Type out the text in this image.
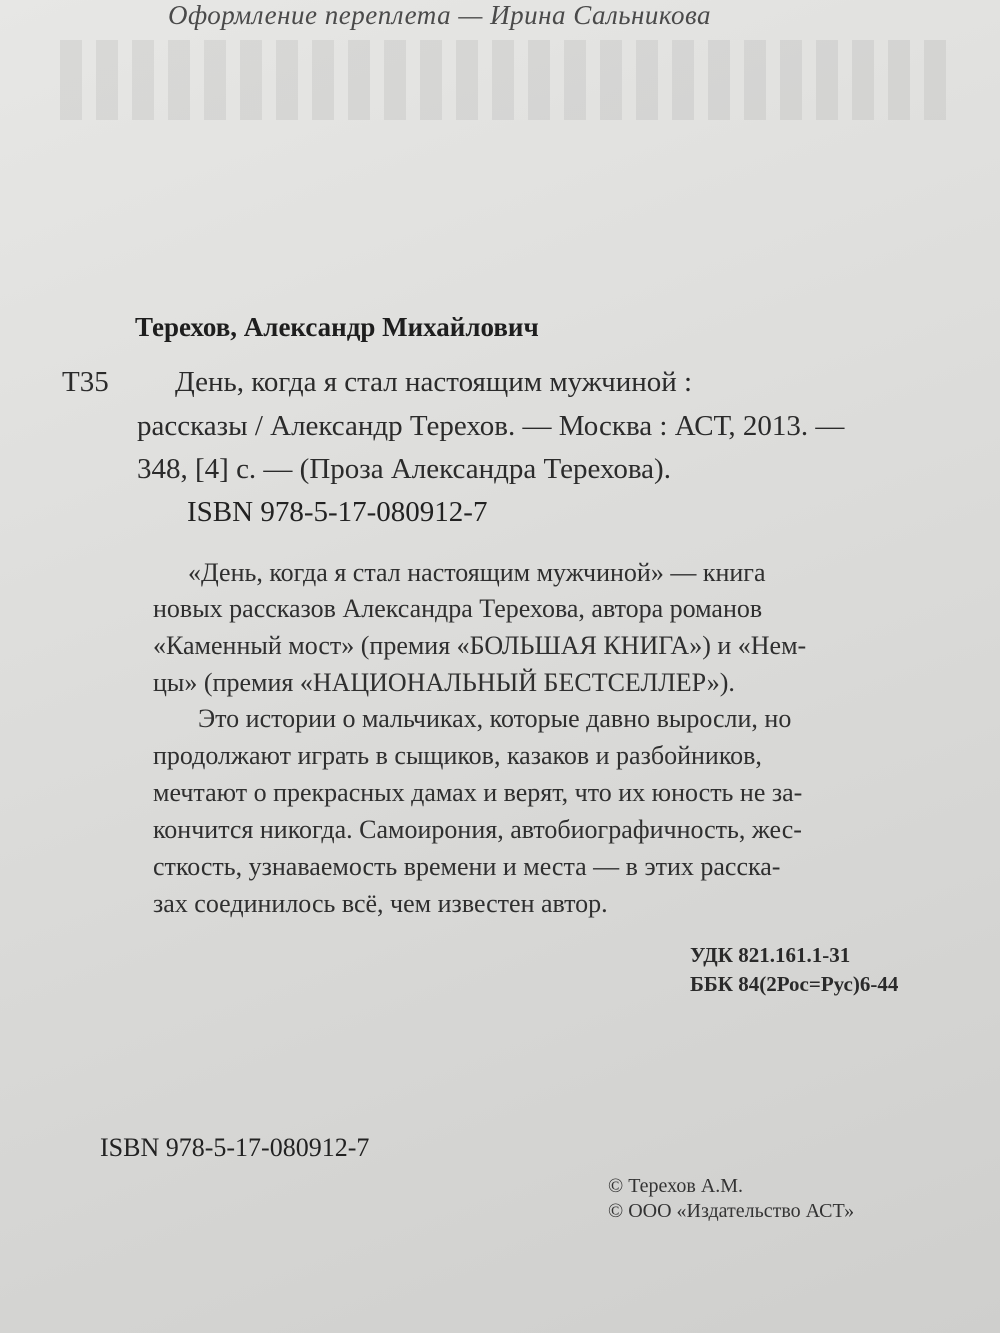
Оформление переплета — Ирина Сальникова

Терехов, Александр Михайлович

Т35 День, когда я стал настоящим мужчиной :

рассказы / Александр Терехов. — Москва : АСТ, 2013. —

348, [4] с. — (Проза Александра Терехова).

ISBN 978-5-17-080912-7

«День, когда я стал настоящим мужчиной» — книга

новых рассказов Александра Терехова, автора романов

«Каменный мост» (премия «БОЛЬШАЯ КНИГА») и «Нем-

цы» (премия «НАЦИОНАЛЬНЫЙ БЕСТСЕЛЛЕР»).

Это истории о мальчиках, которые давно выросли, но

продолжают играть в сыщиков, казаков и разбойников,

мечтают о прекрасных дамах и верят, что их юность не за-

кончится никогда. Самоирония, автобиографичность, жес-

сткость, узнаваемость времени и места — в этих расска-

зах соединилось всё, чем известен автор.

УДК 821.161.1-31

ББК 84(2Рос=Рус)6-44

ISBN 978-5-17-080912-7

© Терехов А.М.

© ООО «Издательство АСТ»
